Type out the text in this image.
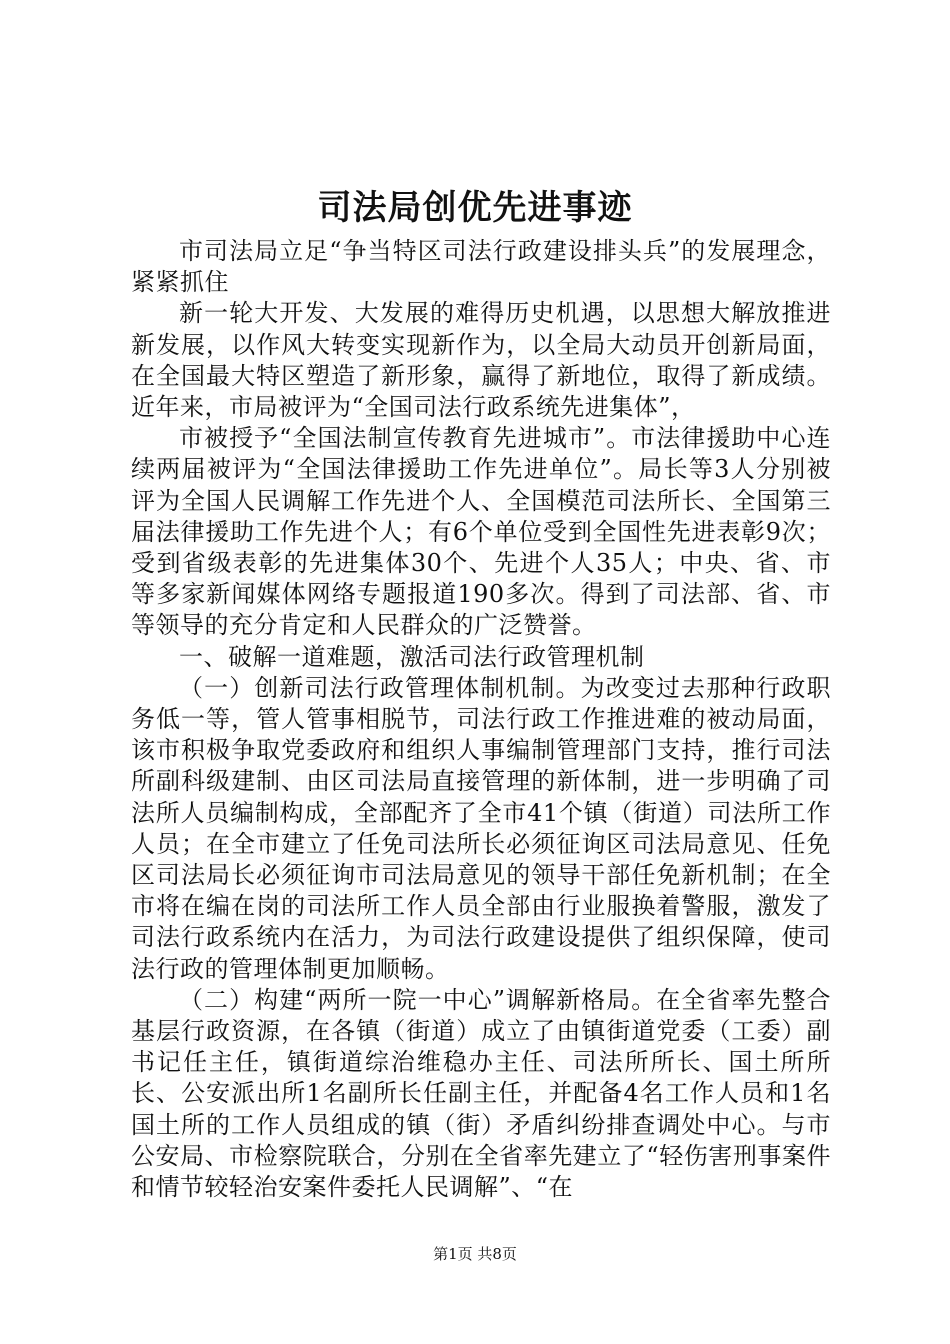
司法局创优先进事迹

市司法局立足“争当特区司法行政建设排头兵”的发展理念，紧紧抓住

新一轮大开发、大发展的难得历史机遇，以思想大解放推进新发展，以作风大转变实现新作为，以全局大动员开创新局面，在全国最大特区塑造了新形象，赢得了新地位，取得了新成绩。近年来，市局被评为“全国司法行政系统先进集体”，

市被授予“全国法制宣传教育先进城市”。市法律援助中心连续两届被评为“全国法律援助工作先进单位”。局长等3人分别被评为全国人民调解工作先进个人、全国模范司法所长、全国第三届法律援助工作先进个人；有6个单位受到全国性先进表彰9次；受到省级表彰的先进集体30个、先进个人35人；中央、省、市等多家新闻媒体网络专题报道190多次。得到了司法部、省、市等领导的充分肯定和人民群众的广泛赞誉。

一、破解一道难题，激活司法行政管理机制

（一）创新司法行政管理体制机制。为改变过去那种行政职务低一等，管人管事相脱节，司法行政工作推进难的被动局面，该市积极争取党委政府和组织人事编制管理部门支持，推行司法所副科级建制、由区司法局直接管理的新体制，进一步明确了司法所人员编制构成，全部配齐了全市41个镇（街道）司法所工作人员；在全市建立了任免司法所长必须征询区司法局意见、任免区司法局长必须征询市司法局意见的领导干部任免新机制；在全市将在编在岗的司法所工作人员全部由行业服换着警服，激发了司法行政系统内在活力，为司法行政建设提供了组织保障，使司法行政的管理体制更加顺畅。

（二）构建“两所一院一中心”调解新格局。在全省率先整合基层行政资源，在各镇（街道）成立了由镇街道党委（工委）副书记任主任，镇街道综治维稳办主任、司法所所长、国土所所长、公安派出所1名副所长任副主任，并配备4名工作人员和1名国土所的工作人员组成的镇（街）矛盾纠纷排查调处中心。与市公安局、市检察院联合，分别在全省率先建立了“轻伤害刑事案件和情节较轻治安案件委托人民调解”、“在

第1页 共8页
